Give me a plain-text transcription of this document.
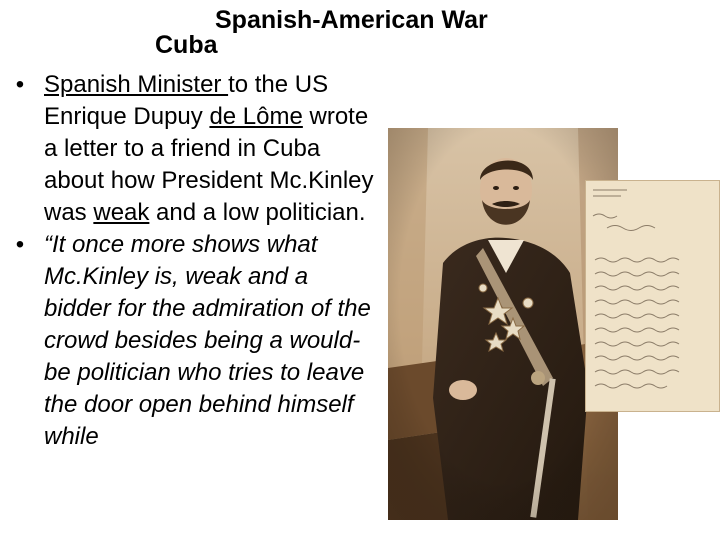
Spanish-American War
Cuba
• Spanish Minister to the US Enrique Dupuy de Lôme wrote a letter to a friend in Cuba about how President Mc.Kinley was weak and a low politician.
• “It once more shows what Mc.Kinley is, weak and a bidder for the admiration of the crowd besides being a would-be politician who tries to leave the door open behind himself while
